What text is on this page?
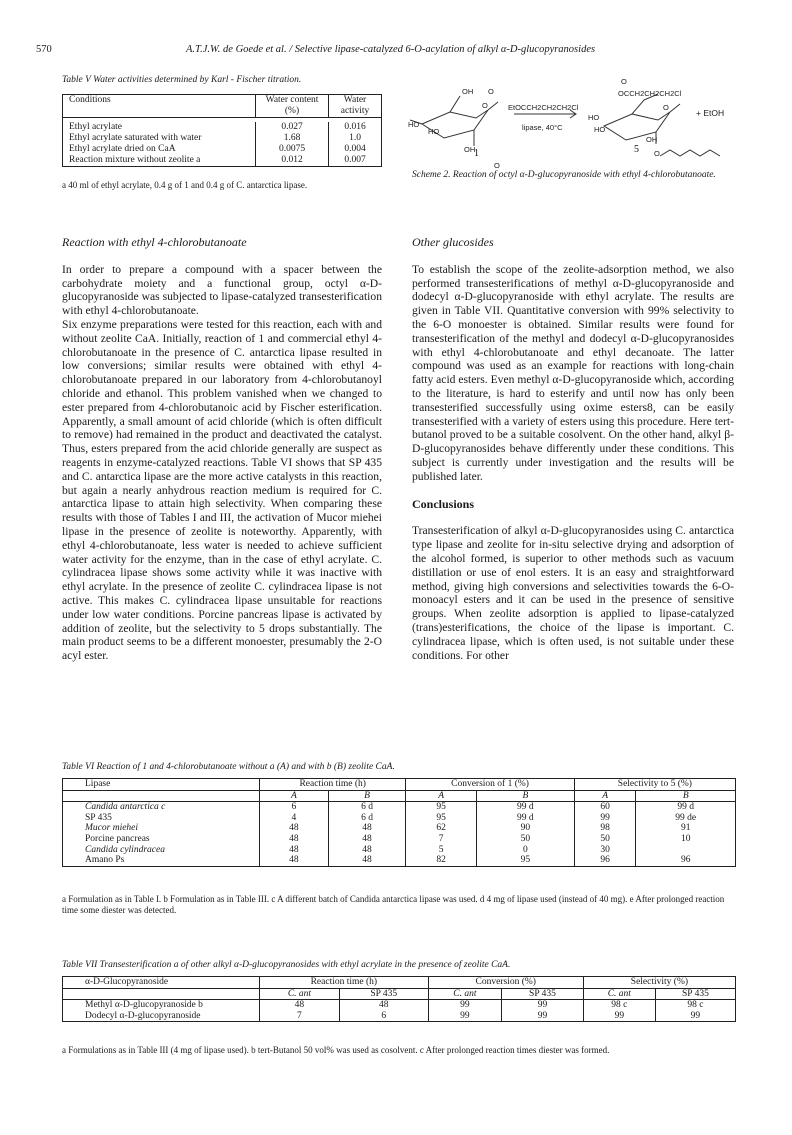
570	A.T.J.W. de Goede et al. / Selective lipase-catalyzed 6-O-acylation of alkyl α-D-glucopyranosides
Table V Water activities determined by Karl - Fischer titration.
Conditions	Water content (%)	Water activity

Ethyl acrylate	0.027	0.016
Ethyl acrylate saturated with water	1.68	1.0
Ethyl acrylate dried on CaA	0.0075	0.004
Reaction mixture without zeolite a	0.012	0.007
a 40 ml of ethyl acrylate, 0.4 g of 1 and 0.4 g of C. antarctica lipase.
OH O
HO
HO
O
OH
O
EtOCCH2CH2CH2Cl
lipase, 40°C
O
OCCH2CH2CH2Cl
HO
HO
O
OH
O
+ EtOH
1	5
Scheme 2. Reaction of octyl α-D-glucopyranoside with ethyl 4-chlorobutanoate.
Reaction with ethyl 4-chlorobutanoate

In order to prepare a compound with a spacer between the carbohydrate moiety and a functional group, octyl α-D-glucopyranoside was subjected to lipase-catalyzed transesterification with ethyl 4-chlorobutanoate.

Six enzyme preparations were tested for this reaction, each with and without zeolite CaA. Initially, reaction of 1 and commercial ethyl 4-chlorobutanoate in the presence of C. antarctica lipase resulted in low conversions; similar results were obtained with ethyl 4-chlorobutanoate prepared in our laboratory from 4-chlorobutanoyl chloride and ethanol. This problem vanished when we changed to ester prepared from 4-chlorobutanoic acid by Fischer esterification. Apparently, a small amount of acid chloride (which is often difficult to remove) had remained in the product and deactivated the catalyst. Thus, esters prepared from the acid chloride generally are suspect as reagents in enzyme-catalyzed reactions. Table VI shows that SP 435 and C. antarctica lipase are the more active catalysts in this reaction, but again a nearly anhydrous reaction medium is required for C. antarctica lipase to attain high selectivity. When comparing these results with those of Tables I and III, the activation of Mucor miehei lipase in the presence of zeolite is noteworthy. Apparently, with ethyl 4-chlorobutanoate, less water is needed to achieve sufficient water activity for the enzyme, than in the case of ethyl acrylate. C. cylindracea lipase shows some activity while it was inactive with ethyl acrylate. In the presence of zeolite C. cylindracea lipase is not active. This makes C. cylindracea lipase unsuitable for reactions under low water conditions. Porcine pancreas lipase is activated by addition of zeolite, but the selectivity to 5 drops substantially. The main product seems to be a different monoester, presumably the 2-O acyl ester.

Other glucosides

To establish the scope of the zeolite-adsorption method, we also performed transesterifications of methyl α-D-glucopyranoside and dodecyl α-D-glucopyranoside with ethyl acrylate. The results are given in Table VII. Quantitative conversion with 99% selectivity to the 6-O monoester is obtained. Similar results were found for transesterification of the methyl and dodecyl α-D-glucopyranosides with ethyl 4-chlorobutanoate and ethyl decanoate. The latter compound was used as an example for reactions with long-chain fatty acid esters. Even methyl α-D-glucopyranoside which, according to the literature, is hard to esterify and until now has only been transesterified successfully using oxime esters8, can be easily transesterified with a variety of esters using this procedure. Here tert-butanol proved to be a suitable cosolvent. On the other hand, alkyl β-D-glucopyranosides behave differently under these conditions. This subject is currently under investigation and the results will be published later.

Conclusions

Transesterification of alkyl α-D-glucopyranosides using C. antarctica type lipase and zeolite for in-situ selective drying and adsorption of the alcohol formed, is superior to other methods such as vacuum distillation or use of enol esters. It is an easy and straightforward method, giving high conversions and selectivities towards the 6-O-monoacyl esters and it can be used in the presence of sensitive groups. When zeolite adsorption is applied to lipase-catalyzed (trans)esterifications, the choice of the lipase is important. C. cylindracea lipase, which is often used, is not suitable under these conditions. For other

Table VI Reaction of 1 and 4-chlorobutanoate without a (A) and with b (B) zeolite CaA.
Lipase	Reaction time (h)		Conversion of 1 (%)		Selectivity to 5 (%)	
	A	B	A	B	A	B
Candida antarctica c	6	6 d	95	99 d	60	99 d
SP 435	4	6 d	95	99 d	99	99 de
Mucor miehei	48	48	62	90	98	91
Porcine pancreas	48	48	7	50	50	10
Candida cylindracea	48	48	5	0	30	
Amano Ps	48	48	82	95	96	96
a Formulation as in Table I. b Formulation as in Table III. c A different batch of Candida antarctica lipase was used. d 4 mg of lipase used (instead of 40 mg). e After prolonged reaction time some diester was detected.
Table VII Transesterification a of other alkyl α-D-glucopyranosides with ethyl acrylate in the presence of zeolite CaA.
α-D-Glucopyranoside	Reaction time (h)		Conversion (%)		Selectivity (%)	
	C. ant	SP 435	C. ant	SP 435	C. ant	SP 435
Methyl α-D-glucopyranoside b	48	48	99	99	98 c	98 c
Dodecyl α-D-glucopyranoside	7	6	99	99	99	99
a Formulations as in Table III (4 mg of lipase used). b tert-Butanol 50 vol% was used as cosolvent. c After prolonged reaction times diester was formed.
